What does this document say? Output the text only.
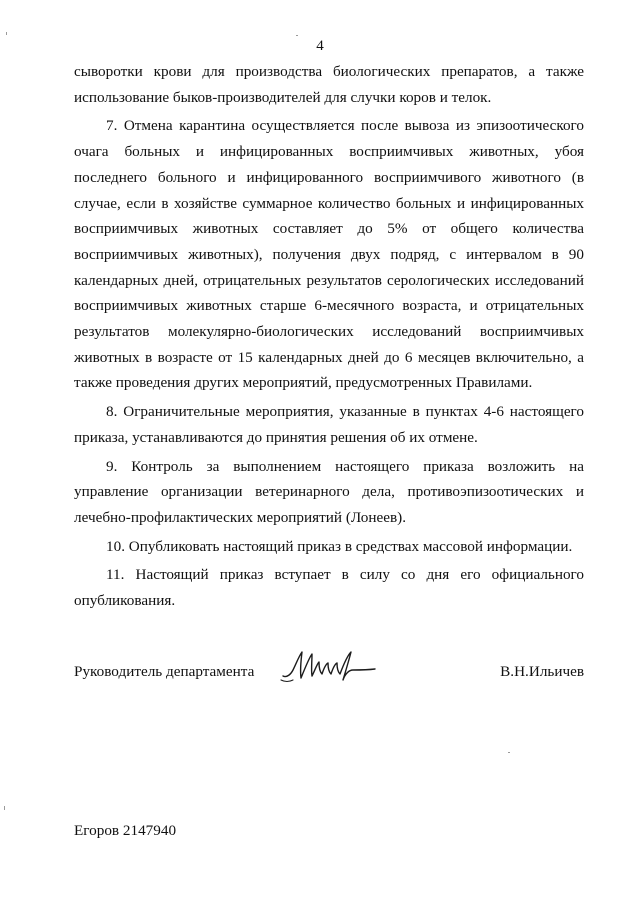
4

сыворотки крови для производства биологических препаратов, а также использование быков-производителей для случки коров и телок.

7. Отмена карантина осуществляется после вывоза из эпизоотического очага больных и инфицированных восприимчивых животных, убоя последнего больного и инфицированного восприимчивого животного (в случае, если в хозяйстве суммарное количество больных и инфицированных восприимчивых животных составляет до 5% от общего количества восприимчивых животных), получения двух подряд, с интервалом в 90 календарных дней, отрицательных результатов серологических исследований восприимчивых животных старше 6-месячного возраста, и отрицательных результатов молекулярно-биологических исследований восприимчивых животных в возрасте от 15 календарных дней до 6 месяцев включительно, а также проведения других мероприятий, предусмотренных Правилами.

8. Ограничительные мероприятия, указанные в пунктах 4-6 настоящего приказа, устанавливаются до принятия решения об их отмене.

9. Контроль за выполнением настоящего приказа возложить на управление организации ветеринарного дела, противоэпизоотических и лечебно-профилактических мероприятий (Лонеев).

10. Опубликовать настоящий приказ в средствах массовой информации.

11. Настоящий приказ вступает в силу со дня его официального опубликования.

Руководитель департамента	В.Н.Ильичев
Егоров 2147940
